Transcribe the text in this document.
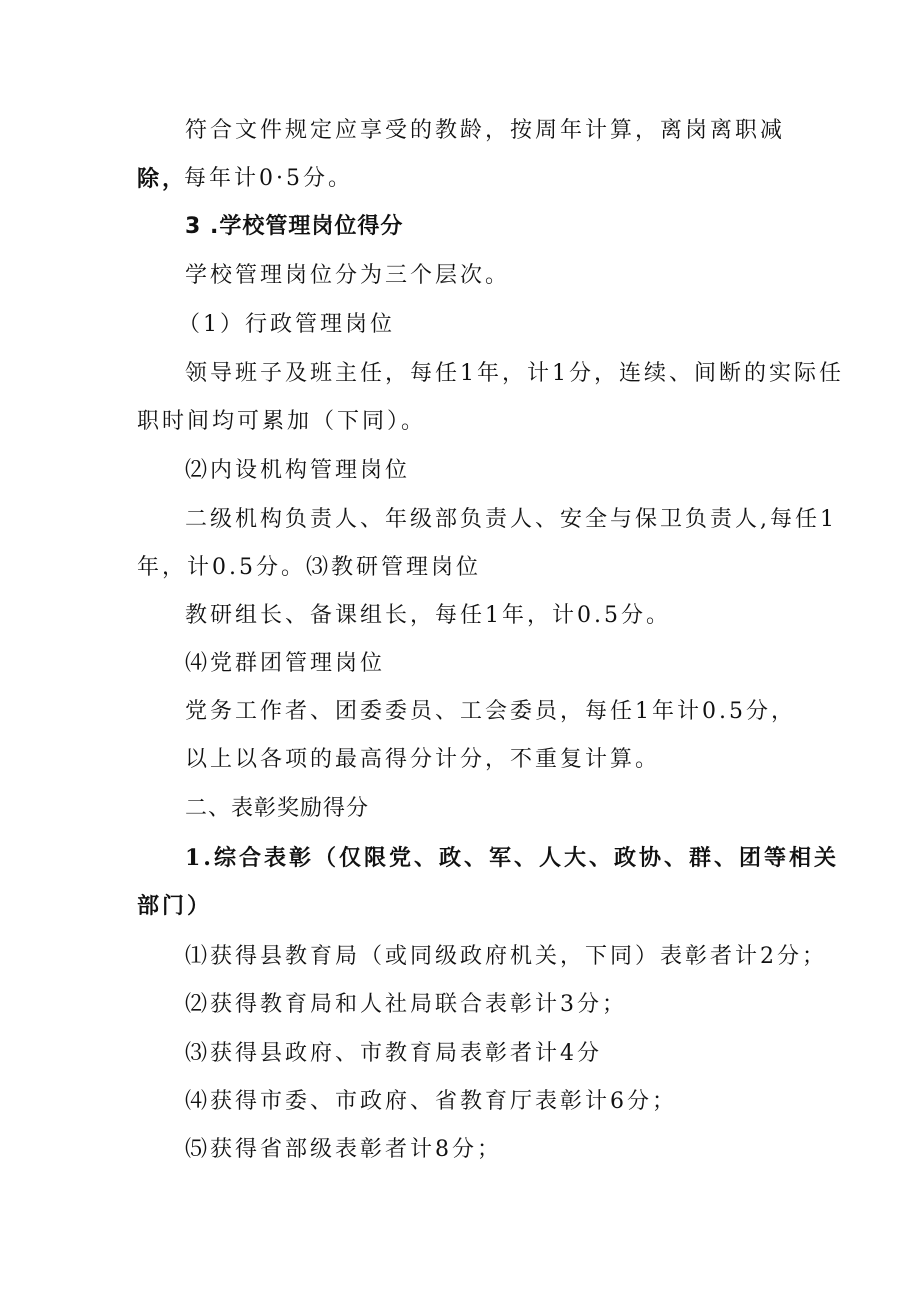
符合文件规定应享受的教龄，按周年计算，离岗离职减
除，
每年计0·5分。
3 .学校管理岗位得分
学校管理岗位分为三个层次。
（1）行政管理岗位
领导班子及班主任，每任1年，计1分，连续、间断的实际任
职时间均可累加（下同）。
⑵内设机构管理岗位
二级机构负责人、年级部负责人、安全与保卫负责人,每任1
年，计0.5分。⑶教研管理岗位
教研组长、备课组长，每任1年，计0.5分。
⑷党群团管理岗位
党务工作者、团委委员、工会委员，每任1年计0.5分，
以上以各项的最高得分计分，不重复计算。
二、表彰奖励得分
1.综合表彰（仅限党、政、军、人大、政协、群、团等相关
部门）
⑴获得县教育局（或同级政府机关，下同）表彰者计2分；
⑵获得教育局和人社局联合表彰计3分；
⑶获得县政府、市教育局表彰者计4分
⑷获得市委、市政府、省教育厅表彰计6分；
⑸获得省部级表彰者计8分；
